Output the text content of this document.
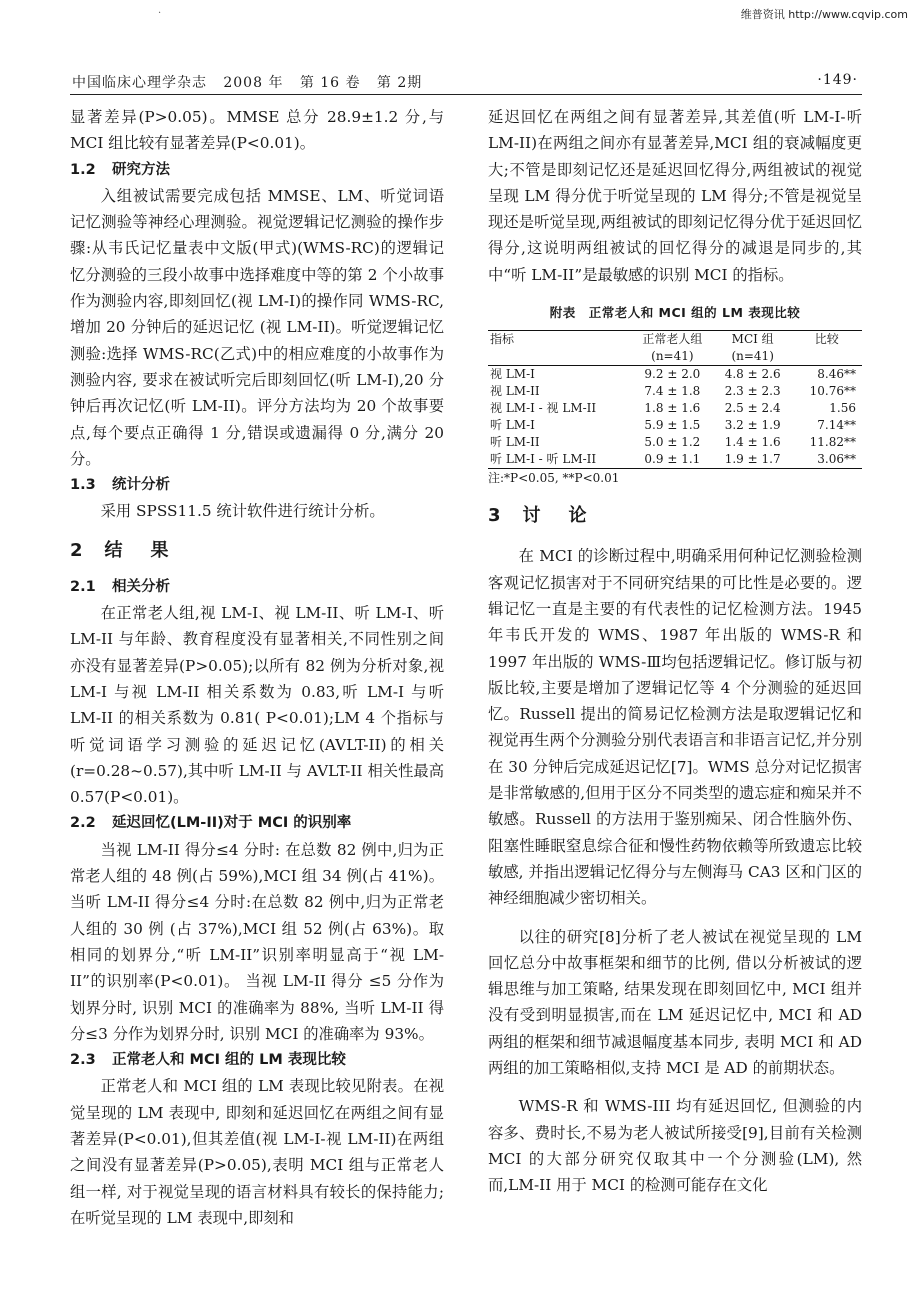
·	维普资讯 http://www.cqvip.com
中国临床心理学杂志 2008 年 第 16 卷 第 2期	·149·

显著差异(P>0.05)。MMSE 总分 28.9±1.2 分,与 MCI 组比较有显著差异(P<0.01)。

1.2 研究方法

入组被试需要完成包括 MMSE、LM、听觉词语记忆测验等神经心理测验。视觉逻辑记忆测验的操作步骤:从韦氏记忆量表中文版(甲式)(WMS-RC)的逻辑记忆分测验的三段小故事中选择难度中等的第 2 个小故事作为测验内容,即刻回忆(视 LM-I)的操作同 WMS-RC, 增加 20 分钟后的延迟记忆 (视 LM-II)。听觉逻辑记忆测验:选择 WMS-RC(乙式)中的相应难度的小故事作为测验内容, 要求在被试听完后即刻回忆(听 LM-I),20 分钟后再次记忆(听 LM-II)。评分方法均为 20 个故事要点,每个要点正确得 1 分,错误或遗漏得 0 分,满分 20 分。

1.3 统计分析

采用 SPSS11.5 统计软件进行统计分析。

2 结 果
2.1 相关分析

在正常老人组,视 LM-I、视 LM-II、听 LM-I、听 LM-II 与年龄、教育程度没有显著相关,不同性别之间亦没有显著差异(P>0.05);以所有 82 例为分析对象,视 LM-I 与视 LM-II 相关系数为 0.83,听 LM-I 与听 LM-II 的相关系数为 0.81( P<0.01);LM 4 个指标与听觉词语学习测验的延迟记忆(AVLT-II)的相关(r=0.28~0.57),其中听 LM-II 与 AVLT-II 相关性最高 0.57(P<0.01)。

2.2 延迟回忆(LM-II)对于 MCI 的识别率

当视 LM-II 得分≤4 分时: 在总数 82 例中,归为正常老人组的 48 例(占 59%),MCI 组 34 例(占 41%)。当听 LM-II 得分≤4 分时:在总数 82 例中,归为正常老人组的 30 例 (占 37%),MCI 组 52 例(占 63%)。取相同的划界分,“听 LM-II”识别率明显高于“视 LM-II”的识别率(P<0.01)。 当视 LM-II 得分 ≤5 分作为划界分时, 识别 MCI 的准确率为 88%, 当听 LM-II 得分≤3 分作为划界分时, 识别 MCI 的准确率为 93%。

2.3 正常老人和 MCI 组的 LM 表现比较

正常老人和 MCI 组的 LM 表现比较见附表。在视觉呈现的 LM 表现中, 即刻和延迟回忆在两组之间有显著差异(P<0.01),但其差值(视 LM-I-视 LM-II)在两组之间没有显著差异(P>0.05),表明 MCI 组与正常老人组一样, 对于视觉呈现的语言材料具有较长的保持能力;在听觉呈现的 LM 表现中,即刻和

延迟回忆在两组之间有显著差异,其差值(听 LM-I-听 LM-II)在两组之间亦有显著差异,MCI 组的衰减幅度更大;不管是即刻记忆还是延迟回忆得分,两组被试的视觉呈现 LM 得分优于听觉呈现的 LM 得分;不管是视觉呈现还是听觉呈现,两组被试的即刻记忆得分优于延迟回忆得分,这说明两组被试的回忆得分的减退是同步的,其中“听 LM-II”是最敏感的识别 MCI 的指标。

附表　正常老人和 MCI 组的 LM 表现比较
指标	正常老人组	MCI 组	比较
	(n=41)	(n=41)	
视 LM-I	9.2 ± 2.0	4.8 ± 2.6	8.46**
视 LM-II	7.4 ± 1.8	2.3 ± 2.3	10.76**
视 LM-I - 视 LM-II	1.8 ± 1.6	2.5 ± 2.4	1.56
听 LM-I	5.9 ± 1.5	3.2 ± 1.9	7.14**
听 LM-II	5.0 ± 1.2	1.4 ± 1.6	11.82**
听 LM-I - 听 LM-II	0.9 ± 1.1	1.9 ± 1.7	3.06**
注:*P<0.05, **P<0.01
3 讨 论

在 MCI 的诊断过程中,明确采用何种记忆测验检测客观记忆损害对于不同研究结果的可比性是必要的。逻辑记忆一直是主要的有代表性的记忆检测方法。1945 年韦氏开发的 WMS、1987 年出版的 WMS-R 和 1997 年出版的 WMS-Ⅲ均包括逻辑记忆。修订版与初版比较,主要是增加了逻辑记忆等 4 个分测验的延迟回忆。Russell 提出的简易记忆检测方法是取逻辑记忆和视觉再生两个分测验分别代表语言和非语言记忆,并分别在 30 分钟后完成延迟记忆[7]。WMS 总分对记忆损害是非常敏感的,但用于区分不同类型的遗忘症和痴呆并不敏感。Russell 的方法用于鉴别痴呆、闭合性脑外伤、阻塞性睡眠窒息综合征和慢性药物依赖等所致遗忘比较敏感, 并指出逻辑记忆得分与左侧海马 CA3 区和门区的神经细胞减少密切相关。

以往的研究[8]分析了老人被试在视觉呈现的 LM 回忆总分中故事框架和细节的比例, 借以分析被试的逻辑思维与加工策略, 结果发现在即刻回忆中, MCI 组并没有受到明显损害,而在 LM 延迟记忆中, MCI 和 AD 两组的框架和细节减退幅度基本同步, 表明 MCI 和 AD 两组的加工策略相似,支持 MCI 是 AD 的前期状态。

WMS-R 和 WMS-III 均有延迟回忆, 但测验的内容多、费时长,不易为老人被试所接受[9],目前有关检测 MCI 的大部分研究仅取其中一个分测验(LM), 然而,LM-II 用于 MCI 的检测可能存在文化
